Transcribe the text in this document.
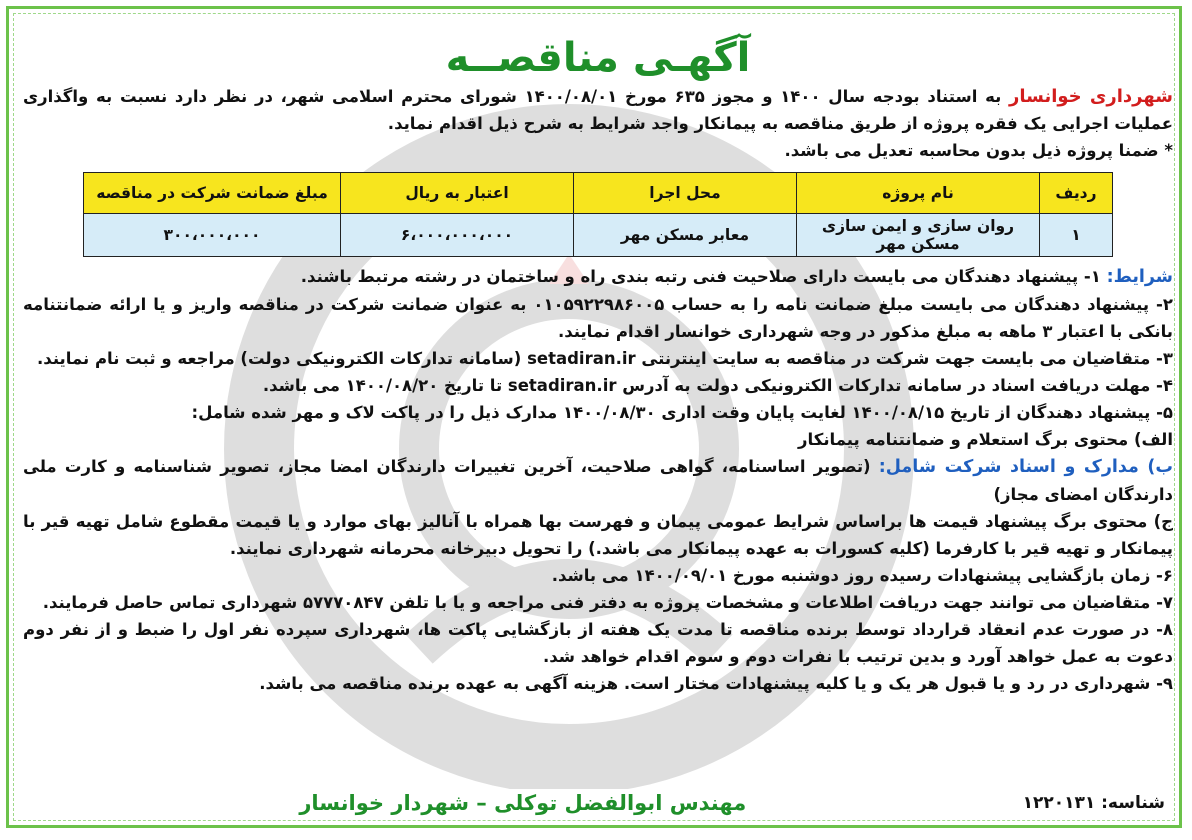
آگهـی مناقصــه

شهرداری خوانسار به استناد بودجه سال ۱۴۰۰ و مجوز ۶۳۵ مورخ ۱۴۰۰/۰۸/۰۱ شورای محترم اسلامی شهر، در نظر دارد نسبت به واگذاری عملیات اجرایی یک فقره پروژه از طریق مناقصه به پیمانکار واجد شرایط به شرح ذیل اقدام نماید.

* ضمنا پروژه ذیل بدون محاسبه تعدیل می باشد.

ردیف	نام پروژه	محل اجرا	اعتبار به ریال	مبلغ ضمانت شرکت در مناقصه
۱	روان سازی و ایمن سازی مسکن مهر	معابر مسکن مهر	۶،۰۰۰،۰۰۰،۰۰۰	۳۰۰،۰۰۰،۰۰۰

شرایط: ۱- پیشنهاد دهندگان می بایست دارای صلاحیت فنی رتبه بندی راه و ساختمان در رشته مرتبط باشند.

۲- پیشنهاد دهندگان می بایست مبلغ ضمانت نامه را به حساب ۰۱۰۵۹۲۲۹۸۶۰۰۵ به عنوان ضمانت شرکت در مناقصه واریز و یا ارائه ضمانتنامه بانکی با اعتبار ۳ ماهه به مبلغ مذکور در وجه شهرداری خوانسار اقدام نمایند.

۳- متقاضیان می بایست جهت شرکت در مناقصه به سایت اینترنتی setadiran.ir (سامانه تدارکات الکترونیکی دولت) مراجعه و ثبت نام نمایند.

۴- مهلت دریافت اسناد در سامانه تدارکات الکترونیکی دولت به آدرس setadiran.ir تا تاریخ ۱۴۰۰/۰۸/۲۰ می باشد.

۵- پیشنهاد دهندگان از تاریخ ۱۴۰۰/۰۸/۱۵ لغایت پایان وقت اداری ۱۴۰۰/۰۸/۳۰ مدارک ذیل را در پاکت لاک و مهر شده شامل:

الف) محتوی برگ استعلام و ضمانتنامه پیمانکار

ب) مدارک و اسناد شرکت شامل: (تصویر اساسنامه، گواهی صلاحیت، آخرین تغییرات دارندگان امضا مجاز، تصویر شناسنامه و کارت ملی دارندگان امضای مجاز)

ج) محتوی برگ پیشنهاد قیمت ها براساس شرایط عمومی پیمان و فهرست بها همراه با آنالیز بهای موارد و یا قیمت مقطوع شامل تهیه قیر با پیمانکار و تهیه قیر با کارفرما (کلیه کسورات به عهده پیمانکار می باشد.) را تحویل دبیرخانه محرمانه شهرداری نمایند.

۶- زمان بازگشایی پیشنهادات رسیده روز دوشنبه مورخ ۱۴۰۰/۰۹/۰۱ می باشد.

۷- متقاضیان می توانند جهت دریافت اطلاعات و مشخصات پروژه به دفتر فنی مراجعه و یا با تلفن ۵۷۷۷۰۸۴۷ شهرداری تماس حاصل فرمایند.

۸- در صورت عدم انعقاد قرارداد توسط برنده مناقصه تا مدت یک هفته از بازگشایی پاکت ها، شهرداری سپرده نفر اول را ضبط و از نفر دوم دعوت به عمل خواهد آورد و بدین ترتیب با نفرات دوم و سوم اقدام خواهد شد.

۹- شهرداری در رد و یا قبول هر یک و یا کلیه پیشنهادات مختار است. هزینه آگهی به عهده برنده مناقصه می باشد.

شناسه: ۱۲۲۰۱۳۱
مهندس ابوالفضل توکلی – شهردار خوانسار
